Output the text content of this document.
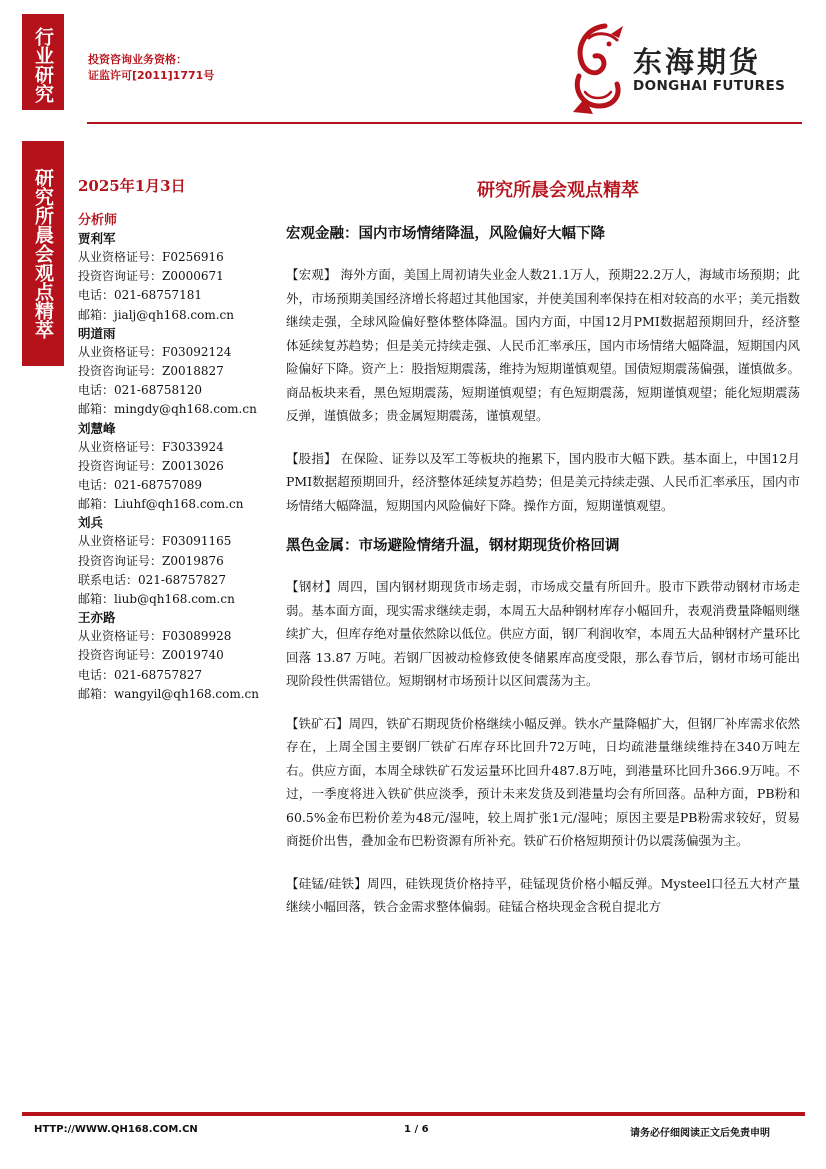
行业研究	投资咨询业务资格：
证监许可[2011]1771号	东海期货
DONGHAI FUTURES
研究所晨会观点精萃	2025年1月3日
分析师
贾利军
从业资格证号：F0256916
投资咨询证号：Z0000671
电话：021-68757181
邮箱：jialj@qh168.com.cn
明道雨
从业资格证号：F03092124
投资咨询证号：Z0018827
电话：021-68758120
邮箱：mingdy@qh168.com.cn
刘慧峰
从业资格证号：F3033924
投资咨询证号：Z0013026
电话：021-68757089
邮箱：Liuhf@qh168.com.cn
刘兵
从业资格证号：F03091165
投资咨询证号：Z0019876
联系电话：021-68757827
邮箱：liub@qh168.com.cn
王亦路
从业资格证号：F03089928
投资咨询证号：Z0019740
电话：021-68757827
邮箱：wangyil@qh168.com.cn
研究所晨会观点精萃
宏观金融：国内市场情绪降温，风险偏好大幅下降

【宏观】 海外方面，美国上周初请失业金人数21.1万人，预期22.2万人，海域市场预期；此外，市场预期美国经济增长将超过其他国家，并使美国利率保持在相对较高的水平；美元指数继续走强，全球风险偏好整体整体降温。国内方面，中国12月PMI数据超预期回升，经济整体延续复苏趋势；但是美元持续走强、人民币汇率承压，国内市场情绪大幅降温，短期国内风险偏好下降。资产上：股指短期震荡，维持为短期谨慎观望。国债短期震荡偏强，谨慎做多。商品板块来看，黑色短期震荡，短期谨慎观望；有色短期震荡，短期谨慎观望；能化短期震荡反弹，谨慎做多；贵金属短期震荡，谨慎观望。

【股指】 在保险、证券以及军工等板块的拖累下，国内股市大幅下跌。基本面上，中国12月PMI数据超预期回升，经济整体延续复苏趋势；但是美元持续走强、人民币汇率承压，国内市场情绪大幅降温，短期国内风险偏好下降。操作方面，短期谨慎观望。

黑色金属：市场避险情绪升温，钢材期现货价格回调

【钢材】周四，国内钢材期现货市场走弱，市场成交量有所回升。股市下跌带动钢材市场走弱。基本面方面，现实需求继续走弱，本周五大品种钢材库存小幅回升，表观消费量降幅则继续扩大，但库存绝对量依然除以低位。供应方面，钢厂利润收窄，本周五大品种钢材产量环比回落 13.87 万吨。若钢厂因被动检修致使冬储累库高度受限，那么春节后，钢材市场可能出现阶段性供需错位。短期钢材市场预计以区间震荡为主。

【铁矿石】周四，铁矿石期现货价格继续小幅反弹。铁水产量降幅扩大，但钢厂补库需求依然存在，上周全国主要钢厂铁矿石库存环比回升72万吨，日均疏港量继续维持在340万吨左右。供应方面，本周全球铁矿石发运量环比回升487.8万吨，到港量环比回升366.9万吨。不过，一季度将进入铁矿供应淡季，预计未来发货及到港量均会有所回落。品种方面，PB粉和60.5%金布巴粉价差为48元/湿吨，较上周扩张1元/湿吨；原因主要是PB粉需求较好，贸易商挺价出售，叠加金布巴粉资源有所补充。铁矿石价格短期预计仍以震荡偏强为主。

【硅锰/硅铁】周四，硅铁现货价格持平，硅锰现货价格小幅反弹。Mysteel口径五大材产量继续小幅回落，铁合金需求整体偏弱。硅锰合格块现金含税自提北方

HTTP://WWW.QH168.COM.CN	1 / 6	请务必仔细阅读正文后免责申明
